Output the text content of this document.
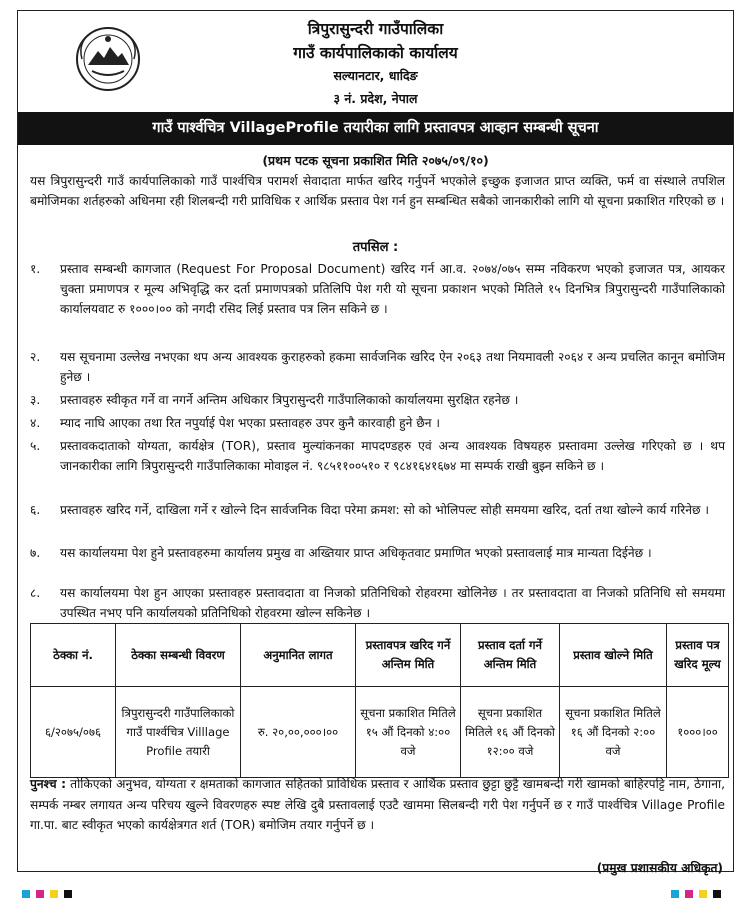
त्रिपुरासुन्दरी गाउँपालिका
गाउँ कार्यपालिकाको कार्यालय
सल्यानटार, धादिङ
३ नं. प्रदेश, नेपाल
गाउँ पार्श्वचित्र VillageProfile तयारीका लागि प्रस्तावपत्र आव्हान सम्बन्धी सूचना
(प्रथम पटक सूचना प्रकाशित मिति २०७५/०९/१०)
यस त्रिपुरासुन्दरी गाउँ कार्यपालिकाको गाउँ पार्श्वचित्र परामर्श सेवादाता मार्फत खरिद गर्नुपर्ने भएकोले इच्छुक इजाजत प्राप्त व्यक्ति, फर्म वा संस्थाले तपशिल बमोजिमका शर्तहरुको अधिनमा रही शिलबन्दी गरी प्राविधिक र आर्थिक प्रस्ताव पेश गर्न हुन सम्बन्धित सबैको जानकारीको लागि यो सूचना प्रकाशित गरिएको छ ।
तपसिल :
१.	प्रस्ताव सम्बन्धी कागजात (Request For Proposal Document) खरिद गर्न आ.व. २०७४/०७५ सम्म नविकरण भएको इजाजत पत्र, आयकर चुक्ता प्रमाणपत्र र मूल्य अभिवृद्धि कर दर्ता प्रमाणपत्रको प्रतिलिपि पेश गरी यो सूचना प्रकाशन भएको मितिले १५ दिनभित्र त्रिपुरासुन्दरी गाउँपालिकाको कार्यालयवाट रु १०००।०० को नगदी रसिद लिई प्रस्ताव पत्र लिन सकिने छ ।
२.	यस सूचनामा उल्लेख नभएका थप अन्य आवश्यक कुराहरुको हकमा सार्वजनिक खरिद ऐन २०६३ तथा नियमावली २०६४ र अन्य प्रचलित कानून बमोजिम हुनेछ ।
३.	प्रस्तावहरु स्वीकृत गर्ने वा नगर्ने अन्तिम अधिकार त्रिपुरासुन्दरी गाउँपालिकाको कार्यालयमा सुरक्षित रहनेछ ।
४.	म्याद नाघि आएका तथा रित नपुर्याई पेश भएका प्रस्तावहरु उपर कुनै कारवाही हुने छैन ।
५.	प्रस्तावकदाताको योग्यता, कार्यक्षेत्र (TOR), प्रस्ताव मुल्यांकनका मापदण्डहरु एवं अन्य आवश्यक विषयहरु प्रस्तावमा उल्लेख गरिएको छ । थप जानकारीका लागि त्रिपुरासुन्दरी गाउँपालिकाका मोवाइल नं. ९८५११००५१० र ९८४१६४१६७४ मा सम्पर्क राखी बुझ्न सकिने छ ।
६.	प्रस्तावहरु खरिद गर्ने, दाखिला गर्ने र खोल्ने दिन सार्वजनिक विदा परेमा क्रमश: सो को भोलिपल्ट सोही समयमा खरिद, दर्ता तथा खोल्ने कार्य गरिनेछ ।
७.	यस कार्यालयमा पेश हुने प्रस्तावहरुमा कार्यालय प्रमुख वा अख्तियार प्राप्त अधिकृतवाट प्रमाणित भएको प्रस्तावलाई मात्र मान्यता दिईनेछ ।
८.	यस कार्यालयमा पेश हुन आएका प्रस्तावहरु प्रस्तावदाता वा निजको प्रतिनिधिको रोहवरमा खोलिनेछ । तर प्रस्तावदाता वा निजको प्रतिनिधि सो समयमा उपस्थित नभए पनि कार्यालयको प्रतिनिधिको रोहवरमा खोल्न सकिनेछ ।
ठेक्का नं.	ठेक्का सम्बन्धी विवरण	अनुमानित लागत	प्रस्तावपत्र खरिद गर्ने अन्तिम मिति	प्रस्ताव दर्ता गर्ने अन्तिम मिति	प्रस्ताव खोल्ने मिति	प्रस्ताव पत्र खरिद मूल्य
६/२०७५/०७६	त्रिपुरासुन्दरी गाउँपालिकाको गाउँ पार्श्वचित्र Villlage Profile तयारी	रु. २०,००,०००।००	सूचना प्रकाशित मितिले १५ औं दिनको ४:०० वजे	सूचना प्रकाशित मितिले १६ औं दिनको १२:०० वजे	सूचना प्रकाशित मितिले १६ औं दिनको २:०० वजे	१०००।००
पुनश्च : तोकिएको अनुभव, योग्यता र क्षमताको कागजात सहितको प्राविधिक प्रस्ताव र आर्थिक प्रस्ताव छुट्टा छुट्टै खामबन्दी गरी खामको बाहिरपट्टि नाम, ठेगाना, सम्पर्क नम्बर लगायत अन्य परिचय खुल्ने विवरणहरु स्पष्ट लेखि दुबै प्रस्तावलाई एउटै खाममा सिलबन्दी गरी पेश गर्नुपर्ने छ र गाउँ पार्श्वचित्र Village Profile गा.पा. बाट स्वीकृत भएको कार्यक्षेत्रगत शर्त (TOR) बमोजिम तयार गर्नुपर्ने छ ।
(प्रमुख प्रशासकीय अधिकृत)
